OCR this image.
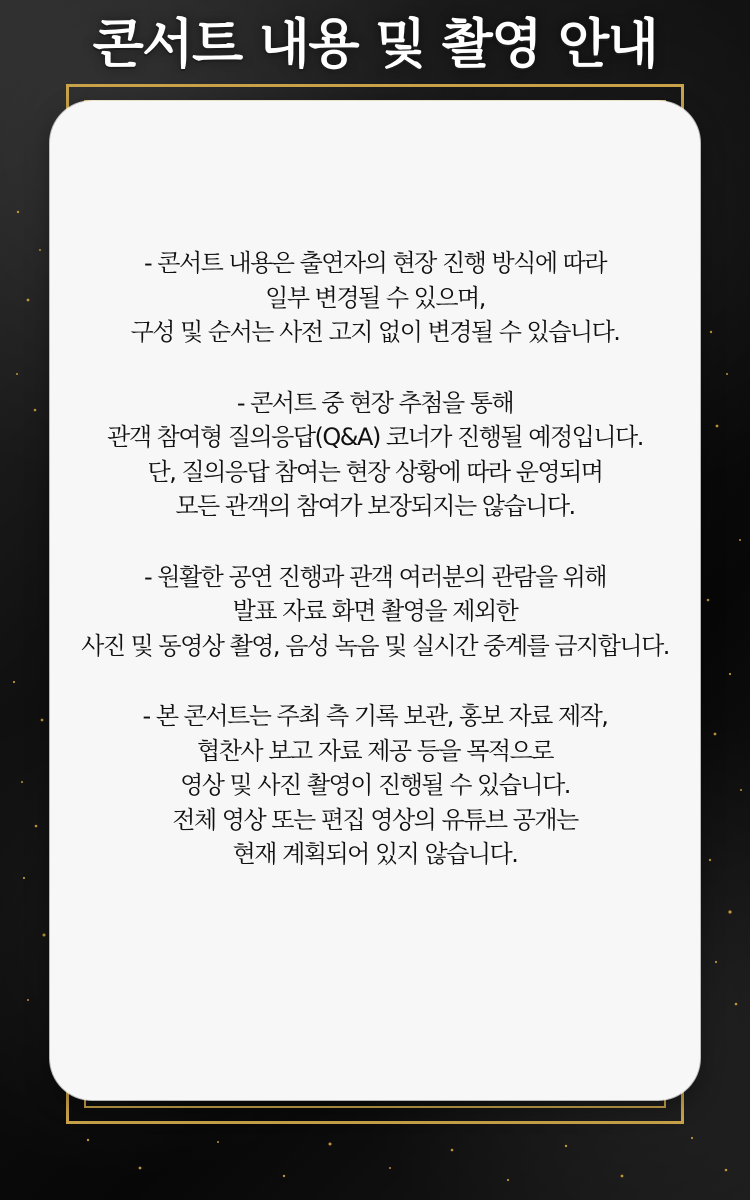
콘서트 내용 및 촬영 안내
- 콘서트 내용은 출연자의 현장 진행 방식에 따라
일부 변경될 수 있으며,
구성 및 순서는 사전 고지 없이 변경될 수 있습니다.
- 콘서트 중 현장 추첨을 통해
관객 참여형 질의응답(Q&A) 코너가 진행될 예정입니다.
단, 질의응답 참여는 현장 상황에 따라 운영되며
모든 관객의 참여가 보장되지는 않습니다.
- 원활한 공연 진행과 관객 여러분의 관람을 위해
발표 자료 화면 촬영을 제외한
사진 및 동영상 촬영, 음성 녹음 및 실시간 중계를 금지합니다.
- 본 콘서트는 주최 측 기록 보관, 홍보 자료 제작,
협찬사 보고 자료 제공 등을 목적으로
영상 및 사진 촬영이 진행될 수 있습니다.
전체 영상 또는 편집 영상의 유튜브 공개는
현재 계획되어 있지 않습니다.
